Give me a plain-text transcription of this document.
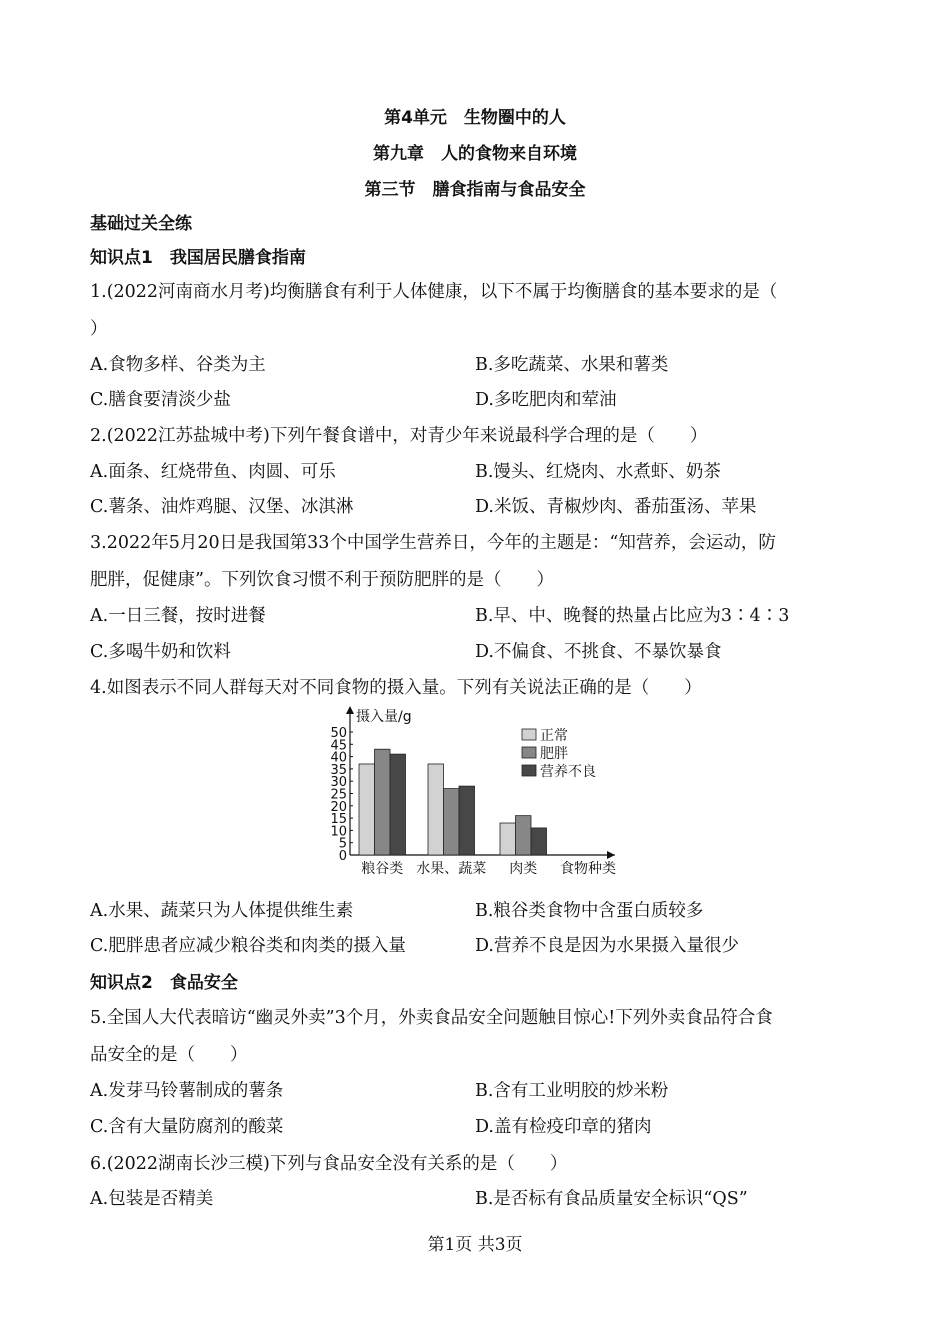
第4单元　生物圈中的人
第九章　人的食物来自环境
第三节　膳食指南与食品安全
基础过关全练
知识点1　我国居民膳食指南
1.(2022河南商水月考)均衡膳食有利于人体健康，以下不属于均衡膳食的基本要求的是（
）
A.食物多样、谷类为主	B.多吃蔬菜、水果和薯类
C.膳食要清淡少盐	D.多吃肥肉和荤油
2.(2022江苏盐城中考)下列午餐食谱中，对青少年来说最科学合理的是（　　）
A.面条、红烧带鱼、肉圆、可乐	B.馒头、红烧肉、水煮虾、奶茶
C.薯条、油炸鸡腿、汉堡、冰淇淋	D.米饭、青椒炒肉、番茄蛋汤、苹果
3.2022年5月20日是我国第33个中国学生营养日，今年的主题是：“知营养，会运动，防
肥胖，促健康”。下列饮食习惯不利于预防肥胖的是（　　）
A.一日三餐，按时进餐	B.早、中、晚餐的热量占比应为3∶4∶3
C.多喝牛奶和饮料	D.不偏食、不挑食、不暴饮暴食
4.如图表示不同人群每天对不同食物的摄入量。下列有关说法正确的是（　　）
摄入量/g
50
45
40
35
30
25
20
15
10
5
0
粮谷类 水果、蔬菜 肉类 食物种类
正常
肥胖
营养不良
A.水果、蔬菜只为人体提供维生素	B.粮谷类食物中含蛋白质较多
C.肥胖患者应减少粮谷类和肉类的摄入量	D.营养不良是因为水果摄入量很少
知识点2　食品安全
5.全国人大代表暗访“幽灵外卖”3个月，外卖食品安全问题触目惊心!下列外卖食品符合食
品安全的是（　　）
A.发芽马铃薯制成的薯条	B.含有工业明胶的炒米粉
C.含有大量防腐剂的酸菜	D.盖有检疫印章的猪肉
6.(2022湖南长沙三模)下列与食品安全没有关系的是（　　）
A.包装是否精美	B.是否标有食品质量安全标识“QS”
第1页 共3页
